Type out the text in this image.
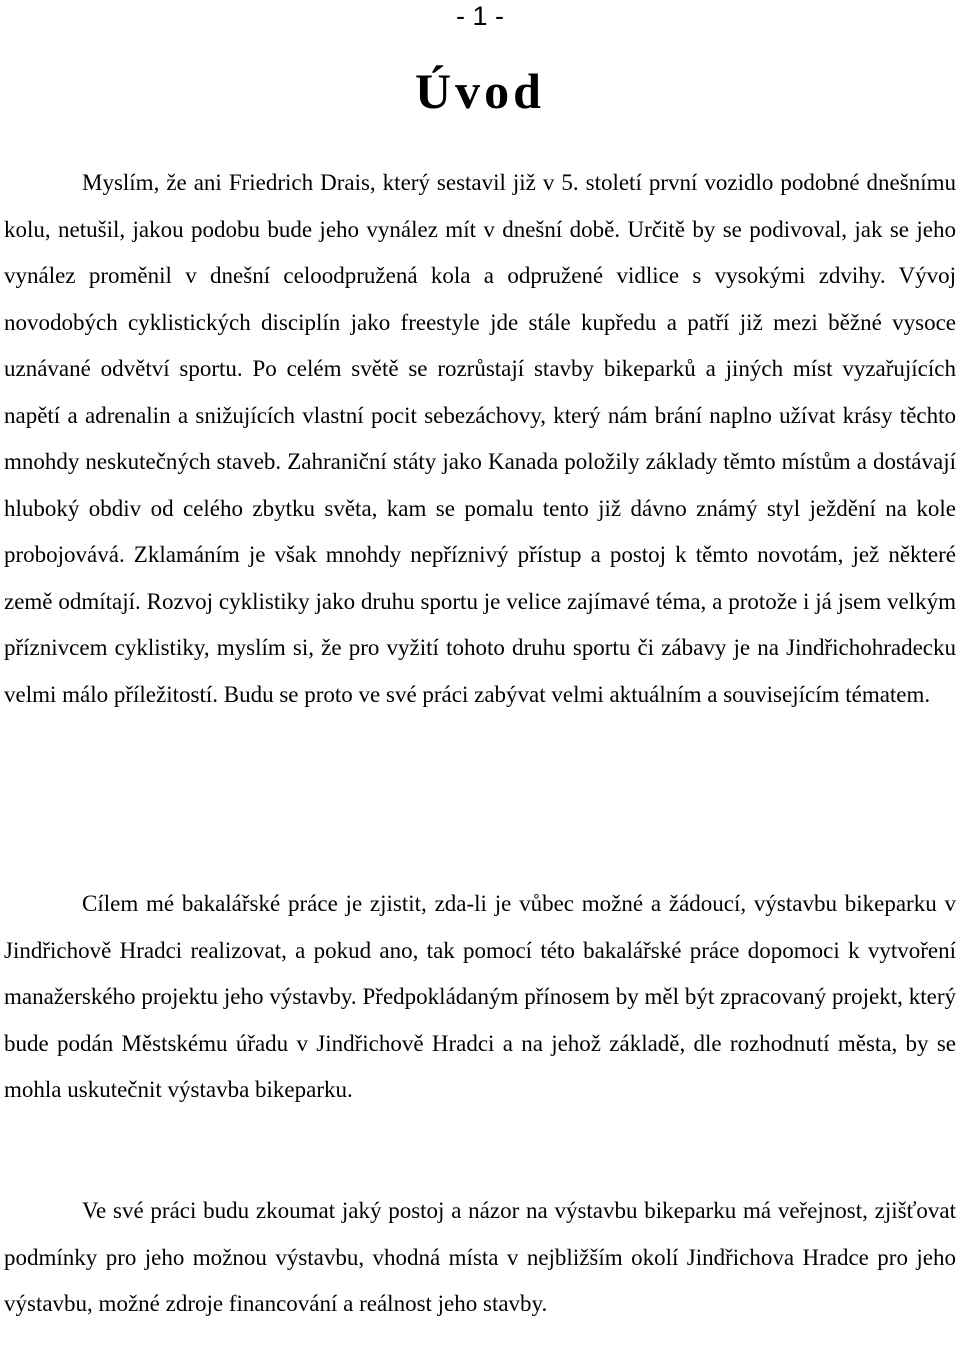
- 1 -
Úvod

Myslím, že ani Friedrich Drais, který sestavil již v 5. století první vozidlo podobné dnešnímu kolu, netušil, jakou podobu bude jeho vynález mít v dnešní době. Určitě by se podivoval, jak se jeho vynález proměnil v dnešní celoodpružená kola a odpružené vidlice s vysokými zdvihy. Vývoj novodobých cyklistických disciplín jako freestyle jde stále kupředu a patří již mezi běžné vysoce uznávané odvětví sportu. Po celém světě se rozrůstají stavby bikeparků a jiných míst vyzařujících napětí a adrenalin a snižujících vlastní pocit sebezáchovy, který nám brání naplno užívat krásy těchto mnohdy neskutečných staveb. Zahraniční státy jako Kanada položily základy těmto místům a dostávají hluboký obdiv od celého zbytku světa, kam se pomalu tento již dávno známý styl ježdění na kole probojovává. Zklamáním je však mnohdy nepříznivý přístup a postoj k těmto novotám, jež některé země odmítají. Rozvoj cyklistiky jako druhu sportu je velice zajímavé téma, a protože i já jsem velkým příznivcem cyklistiky, myslím si, že pro vyžití tohoto druhu sportu či zábavy je na Jindřichohradecku velmi málo příležitostí. Budu se proto ve své práci zabývat velmi aktuálním a souvisejícím tématem.

Cílem mé bakalářské práce je zjistit, zda-li je vůbec možné a žádoucí, výstavbu bikeparku v Jindřichově Hradci realizovat, a pokud ano, tak pomocí této bakalářské práce dopomoci k vytvoření manažerského projektu jeho výstavby. Předpokládaným přínosem by měl být zpracovaný projekt, který bude podán Městskému úřadu v Jindřichově Hradci a na jehož základě, dle rozhodnutí města, by se mohla uskutečnit výstavba bikeparku.

Ve své práci budu zkoumat jaký postoj a názor na výstavbu bikeparku má veřejnost, zjišťovat podmínky pro jeho možnou výstavbu, vhodná místa v nejbližším okolí Jindřichova Hradce pro jeho výstavbu, možné zdroje financování a reálnost jeho stavby.
